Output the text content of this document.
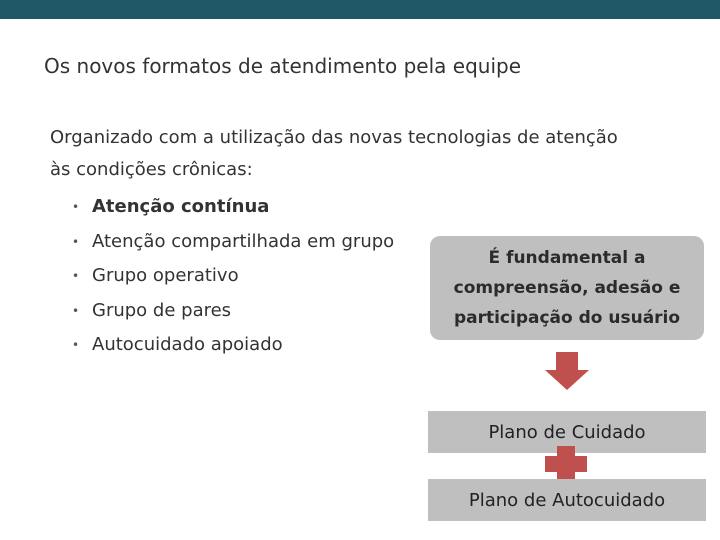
Os novos formatos de atendimento pela equipe
Organizado com a utilização das novas tecnologias de atenção
às condições crônicas:
• Atenção contínua
• Atenção compartilhada em grupo
• Grupo operativo
• Grupo de pares
• Autocuidado apoiado
É fundamental a
compreensão, adesão e
participação do usuário
Plano de Cuidado
Plano de Autocuidado
